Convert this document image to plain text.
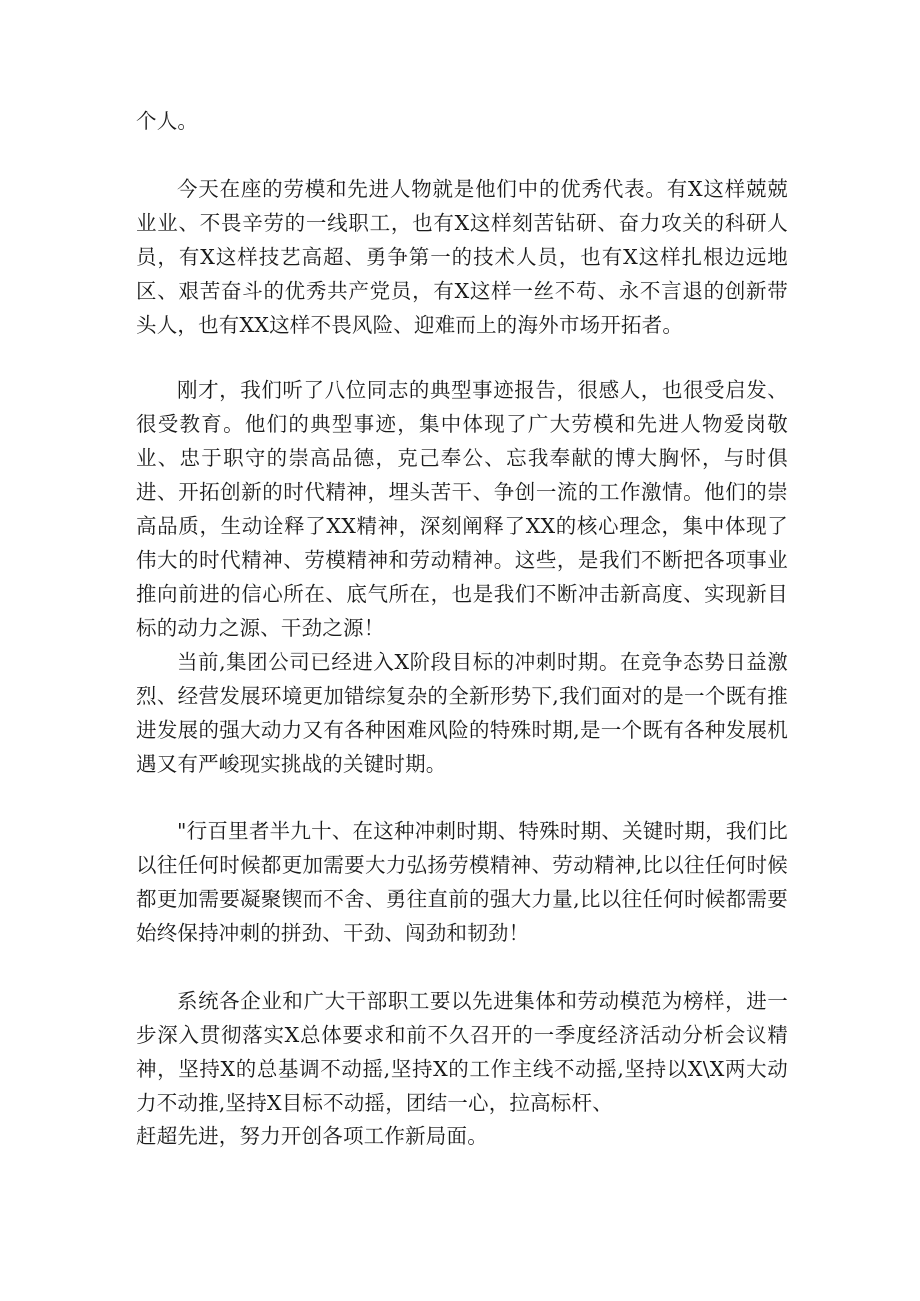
个人。

今天在座的劳模和先进人物就是他们中的优秀代表。有X这样兢兢业业、不畏辛劳的一线职工，也有X这样刻苦钻研、奋力攻关的科研人员，有X这样技艺高超、勇争第一的技术人员，也有X这样扎根边远地区、艰苦奋斗的优秀共产党员，有X这样一丝不苟、永不言退的创新带头人，也有XX这样不畏风险、迎难而上的海外市场开拓者。

刚才，我们听了八位同志的典型事迹报告，很感人，也很受启发、很受教育。他们的典型事迹，集中体现了广大劳模和先进人物爱岗敬业、忠于职守的崇高品德，克己奉公、忘我奉献的博大胸怀，与时俱进、开拓创新的时代精神，埋头苦干、争创一流的工作激情。他们的崇高品质，生动诠释了XX精神，深刻阐释了XX的核心理念，集中体现了伟大的时代精神、劳模精神和劳动精神。这些，是我们不断把各项事业推向前进的信心所在、底气所在，也是我们不断冲击新高度、实现新目标的动力之源、干劲之源！

当前,集团公司已经进入X阶段目标的冲刺时期。在竞争态势日益激烈、经营发展环境更加错综复杂的全新形势下,我们面对的是一个既有推进发展的强大动力又有各种困难风险的特殊时期,是一个既有各种发展机遇又有严峻现实挑战的关键时期。

"行百里者半九十、在这种冲刺时期、特殊时期、关键时期，我们比以往任何时候都更加需要大力弘扬劳模精神、劳动精神,比以往任何时候都更加需要凝聚锲而不舍、勇往直前的强大力量,比以往任何时候都需要始终保持冲刺的拼劲、干劲、闯劲和韧劲！

系统各企业和广大干部职工要以先进集体和劳动模范为榜样，进一步深入贯彻落实X总体要求和前不久召开的一季度经济活动分析会议精神，坚持X的总基调不动摇,坚持X的工作主线不动摇,坚持以X\X两大动力不动推,坚持X目标不动摇，团结一心，拉高标杆、

赶超先进，努力开创各项工作新局面。
